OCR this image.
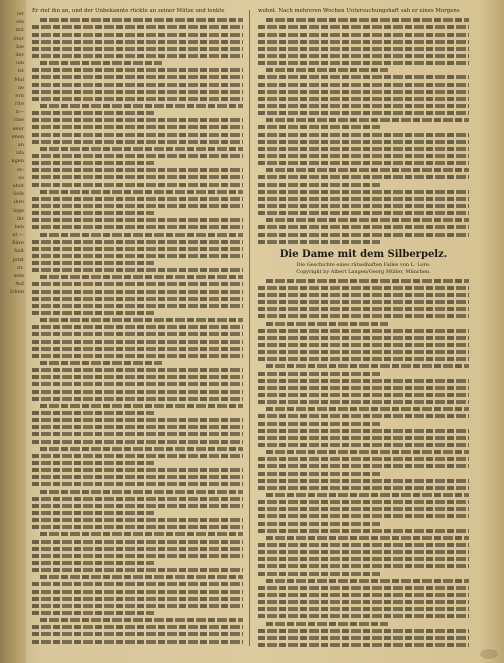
ier
ein
mit
Ster
bie
der
um
Ist
Mal
ne
ern
rite
n—
rine
ieler
enen
an
ufa
ngen
er:
so
abut
Selb
ihre
lege
ihr
ben
at —
Bäre
halt
jetzt
nt.
sein
Auf
Ichen
Er rief ihn an, und der Unbekannte rückte an seiner Mütze und lenkte	wohnt. Nach mehreren Wochen Untersuchungshaft sah er eines Morgens
Die Dame mit dem Silberpelz.
Die Geschichte eines rätselhaften Falles von L. Lore.
Copyright by Albert Langen/Georg Müller, München.
